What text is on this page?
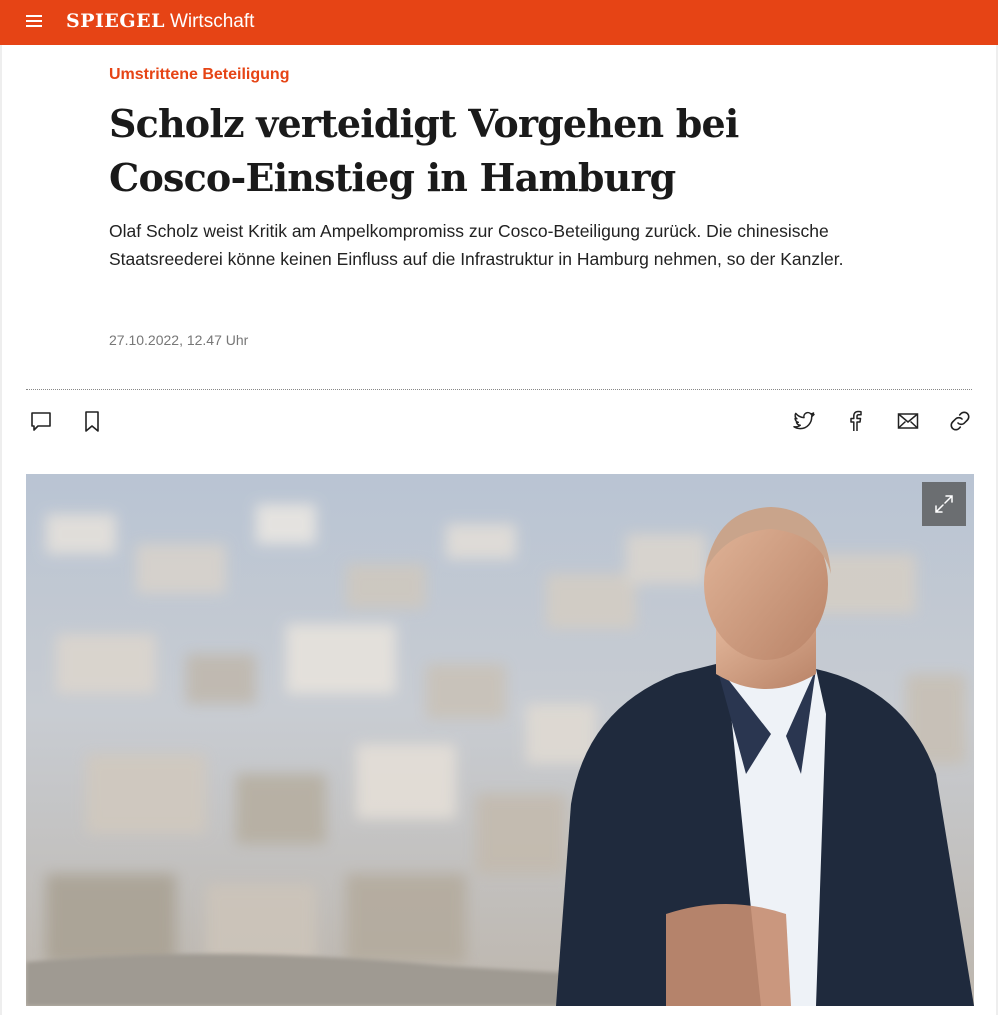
SPIEGEL Wirtschaft
Umstrittene Beteiligung
Scholz verteidigt Vorgehen bei Cosco-Einstieg in Hamburg

Olaf Scholz weist Kritik am Ampelkompromiss zur Cosco-Beteiligung zurück. Die chinesische Staatsreederei könne keinen Einfluss auf die Infrastruktur in Hamburg nehmen, so der Kanzler.

27.10.2022, 12.47 Uhr
